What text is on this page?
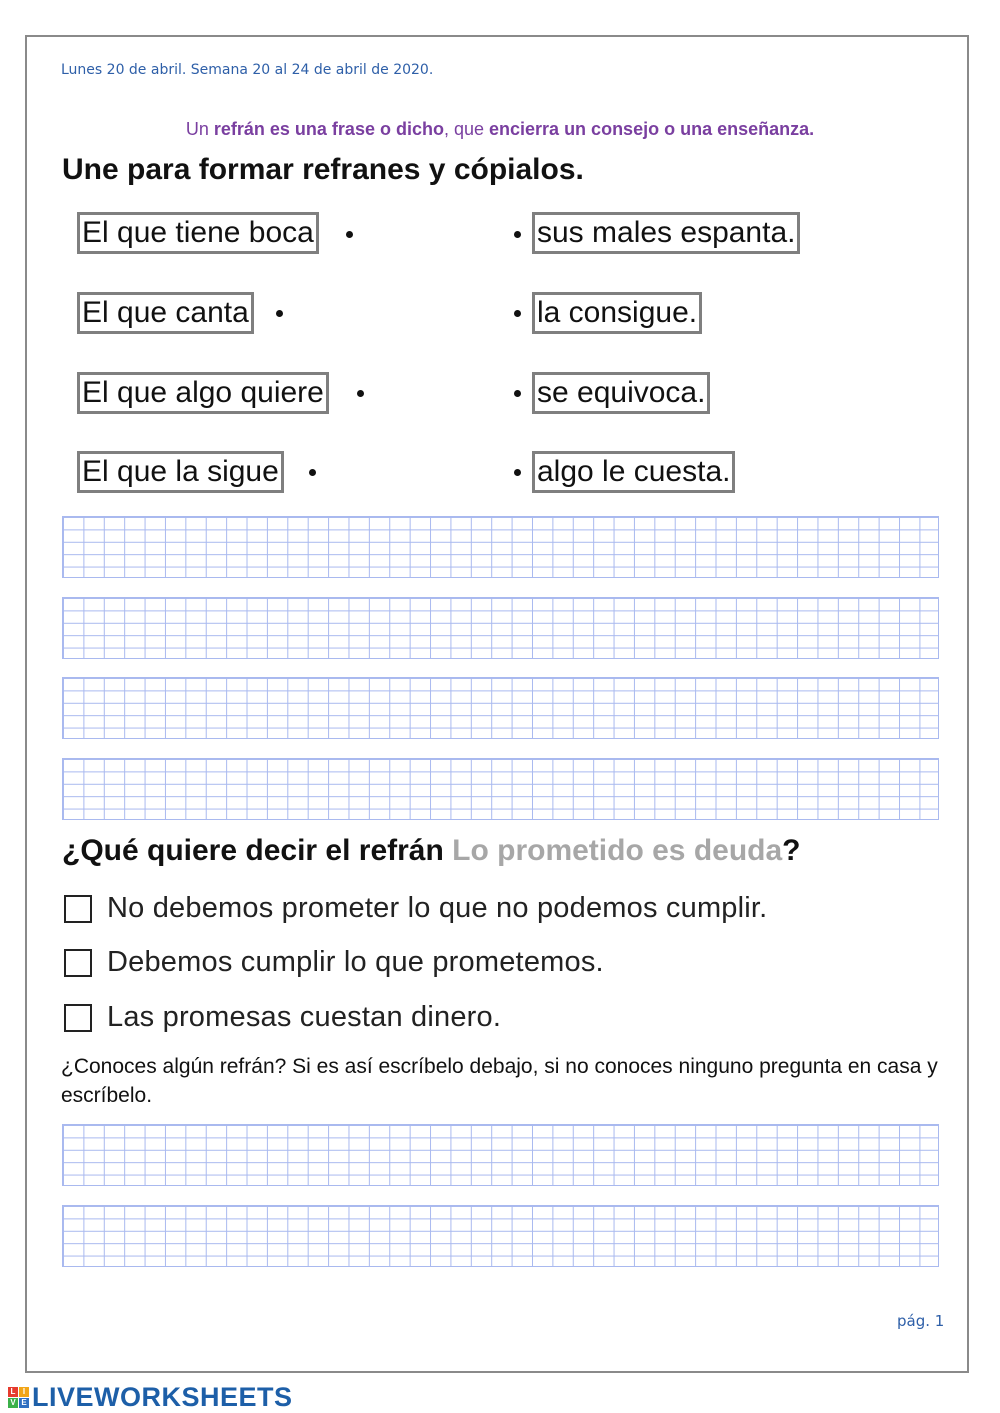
Lunes 20 de abril. Semana 20 al 24 de abril de 2020.
Un refrán es una frase o dicho, que encierra un consejo o una enseñanza.
Une para formar refranes y cópialos.
El que tiene boca
El que canta
El que algo quiere
El que la sigue
sus males espanta.
la consigue.
se equivoca.
algo le cuesta.
¿Qué quiere decir el refrán Lo prometido es deuda?
No debemos prometer lo que no podemos cumplir.
Debemos cumplir lo que prometemos.
Las promesas cuestan dinero.
¿Conoces algún refrán? Si es así escríbelo debajo, si no conoces ninguno pregunta en casa y escríbelo.
pág. 1
L I
V E LIVEWORKSHEETS
